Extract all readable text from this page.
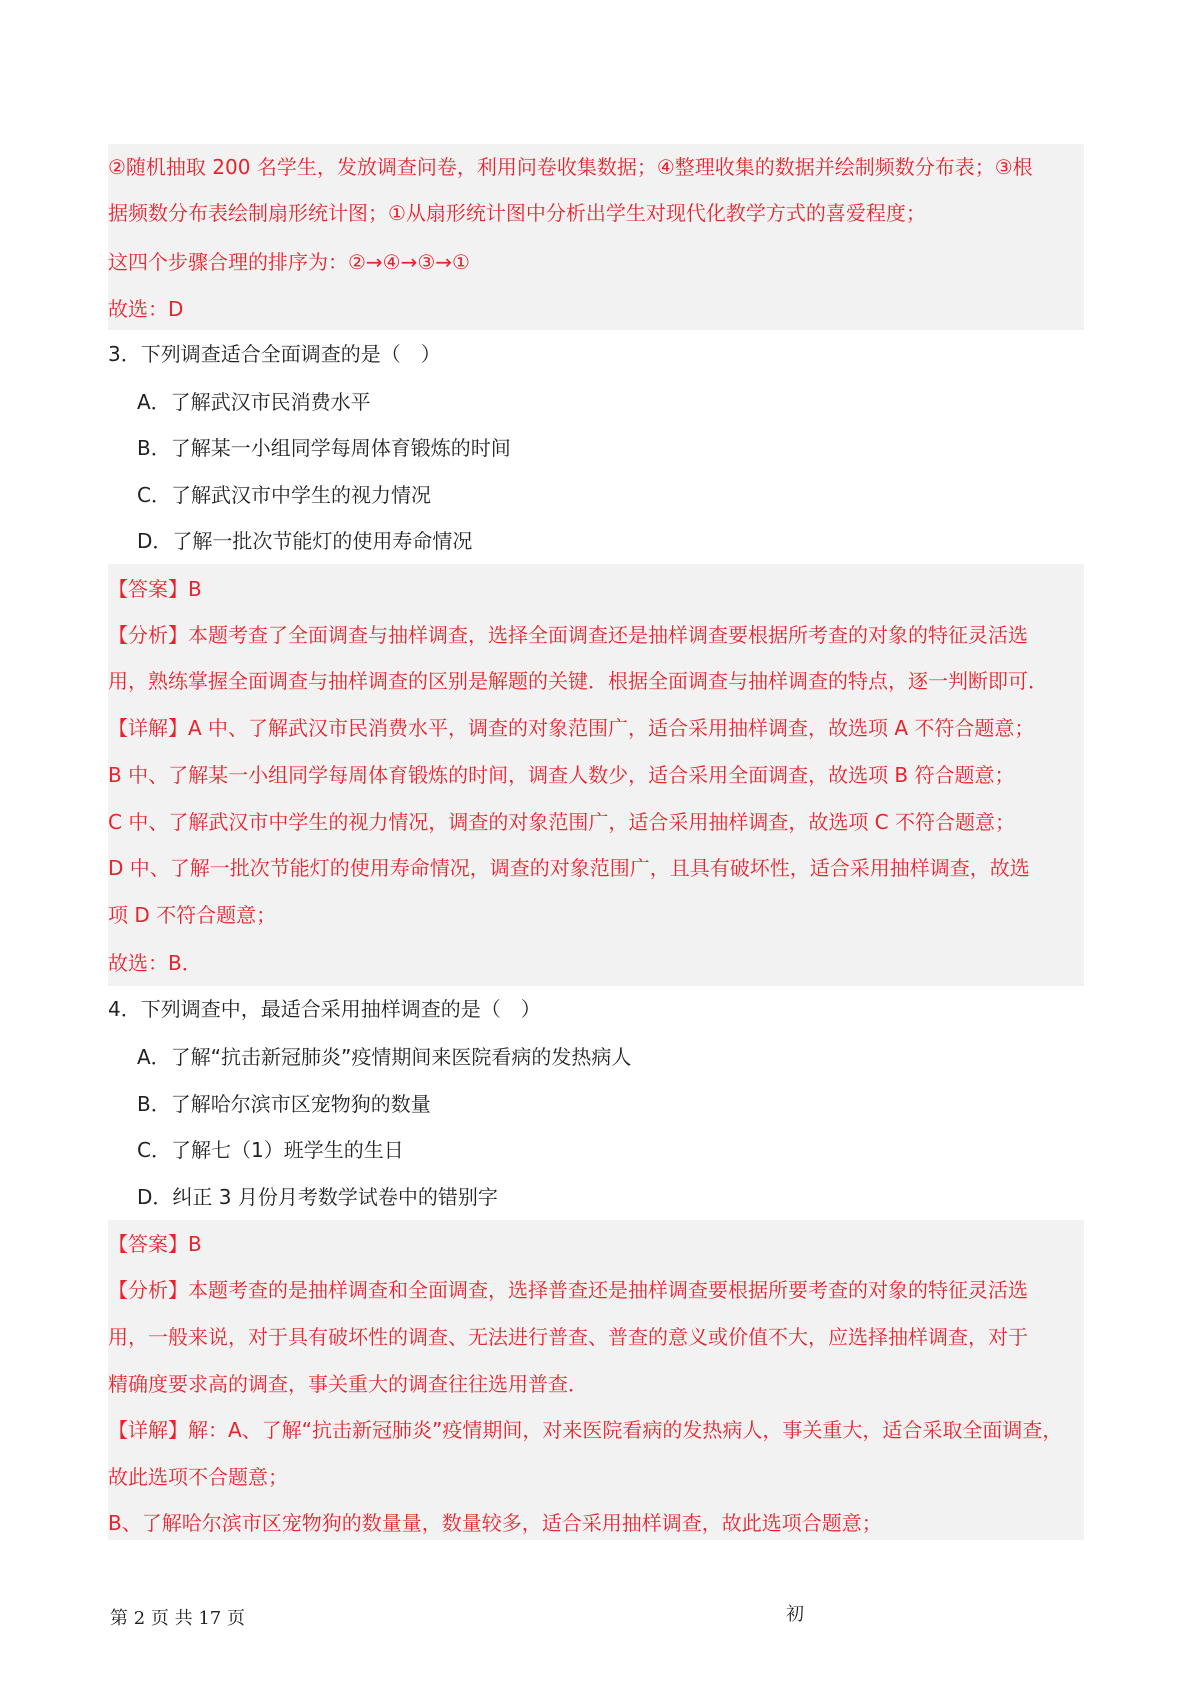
②随机抽取 200 名学生，发放调查问卷，利用问卷收集数据；④整理收集的数据并绘制频数分布表；③根
据频数分布表绘制扇形统计图；①从扇形统计图中分析出学生对现代化教学方式的喜爱程度；
这四个步骤合理的排序为：②→④→③→①
故选：D
3．下列调查适合全面调查的是（　）
A．了解武汉市民消费水平
B．了解某一小组同学每周体育锻炼的时间
C．了解武汉市中学生的视力情况
D．了解一批次节能灯的使用寿命情况
【答案】B
【分析】本题考查了全面调查与抽样调查，选择全面调查还是抽样调查要根据所考查的对象的特征灵活选
用，熟练掌握全面调查与抽样调查的区别是解题的关键．根据全面调查与抽样调查的特点，逐一判断即可．
【详解】A 中、了解武汉市民消费水平，调查的对象范围广，适合采用抽样调查，故选项 A 不符合题意；
B 中、了解某一小组同学每周体育锻炼的时间，调查人数少，适合采用全面调查，故选项 B 符合题意；
C 中、了解武汉市中学生的视力情况，调查的对象范围广，适合采用抽样调查，故选项 C 不符合题意；
D 中、了解一批次节能灯的使用寿命情况，调查的对象范围广，且具有破坏性，适合采用抽样调查，故选
项 D 不符合题意；
故选：B．
4．下列调查中，最适合采用抽样调查的是（　）
A．了解“抗击新冠肺炎”疫情期间来医院看病的发热病人
B．了解哈尔滨市区宠物狗的数量
C．了解七（1）班学生的生日
D．纠正 3 月份月考数学试卷中的错别字
【答案】B
【分析】本题考查的是抽样调查和全面调查，选择普查还是抽样调查要根据所要考查的对象的特征灵活选
用，一般来说，对于具有破坏性的调查、无法进行普查、普查的意义或价值不大，应选择抽样调查，对于
精确度要求高的调查，事关重大的调查往往选用普查．
【详解】解：A、了解“抗击新冠肺炎”疫情期间，对来医院看病的发热病人，事关重大，适合采取全面调查，
故此选项不合题意；
B、了解哈尔滨市区宠物狗的数量量，数量较多，适合采用抽样调查，故此选项合题意；
第 2 页 共 17 页	初
